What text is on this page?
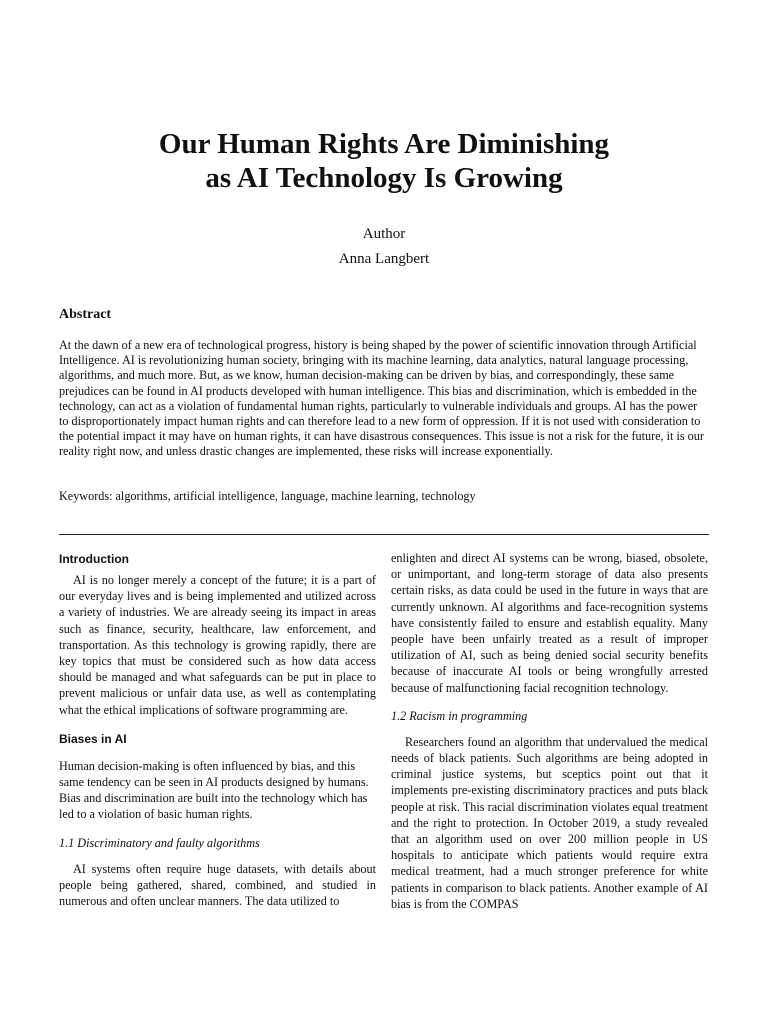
Our Human Rights Are Diminishing
as AI Technology Is Growing
Author
Anna Langbert
Abstract
At the dawn of a new era of technological progress, history is being shaped by the power of scientific innovation through Artificial Intelligence. AI is revolutionizing human society, bringing with its machine learning, data analytics, natural language processing, algorithms, and much more. But, as we know, human decision-making can be driven by bias, and correspondingly, these same prejudices can be found in AI products developed with human intelligence. This bias and discrimination, which is embedded in the technology, can act as a violation of fundamental human rights, particularly to vulnerable individuals and groups. AI has the power to disproportionately impact human rights and can therefore lead to a new form of oppression. If it is not used with consideration to the potential impact it may have on human rights, it can have disastrous consequences. This issue is not a risk for the future, it is our reality right now, and unless drastic changes are implemented, these risks will increase exponentially.
Keywords: algorithms, artificial intelligence, language, machine learning, technology
Introduction

AI is no longer merely a concept of the future; it is a part of our everyday lives and is being implemented and utilized across a variety of industries. We are already seeing its impact in areas such as finance, security, healthcare, law enforcement, and transportation. As this technology is growing rapidly, there are key topics that must be considered such as how data access should be managed and what safeguards can be put in place to prevent malicious or unfair data use, as well as contemplating what the ethical implications of software programming are.

Biases in AI

Human decision-making is often influenced by bias, and this same tendency can be seen in AI products designed by humans. Bias and discrimination are built into the technology which has led to a violation of basic human rights.

1.1 Discriminatory and faulty algorithms

AI systems often require huge datasets, with details about people being gathered, shared, combined, and studied in numerous and often unclear manners. The data utilized to

enlighten and direct AI systems can be wrong, biased, obsolete, or unimportant, and long-term storage of data also presents certain risks, as data could be used in the future in ways that are currently unknown. AI algorithms and face-recognition systems have consistently failed to ensure and establish equality. Many people have been unfairly treated as a result of improper utilization of AI, such as being denied social security benefits because of inaccurate AI tools or being wrongfully arrested because of malfunctioning facial recognition technology.

1.2 Racism in programming

Researchers found an algorithm that undervalued the medical needs of black patients. Such algorithms are being adopted in criminal justice systems, but sceptics point out that it implements pre-existing discriminatory practices and puts black people at risk. This racial discrimination violates equal treatment and the right to protection. In October 2019, a study revealed that an algorithm used on over 200 million people in US hospitals to anticipate which patients would require extra medical treatment, had a much stronger preference for white patients in comparison to black patients. Another example of AI bias is from the COMPAS
